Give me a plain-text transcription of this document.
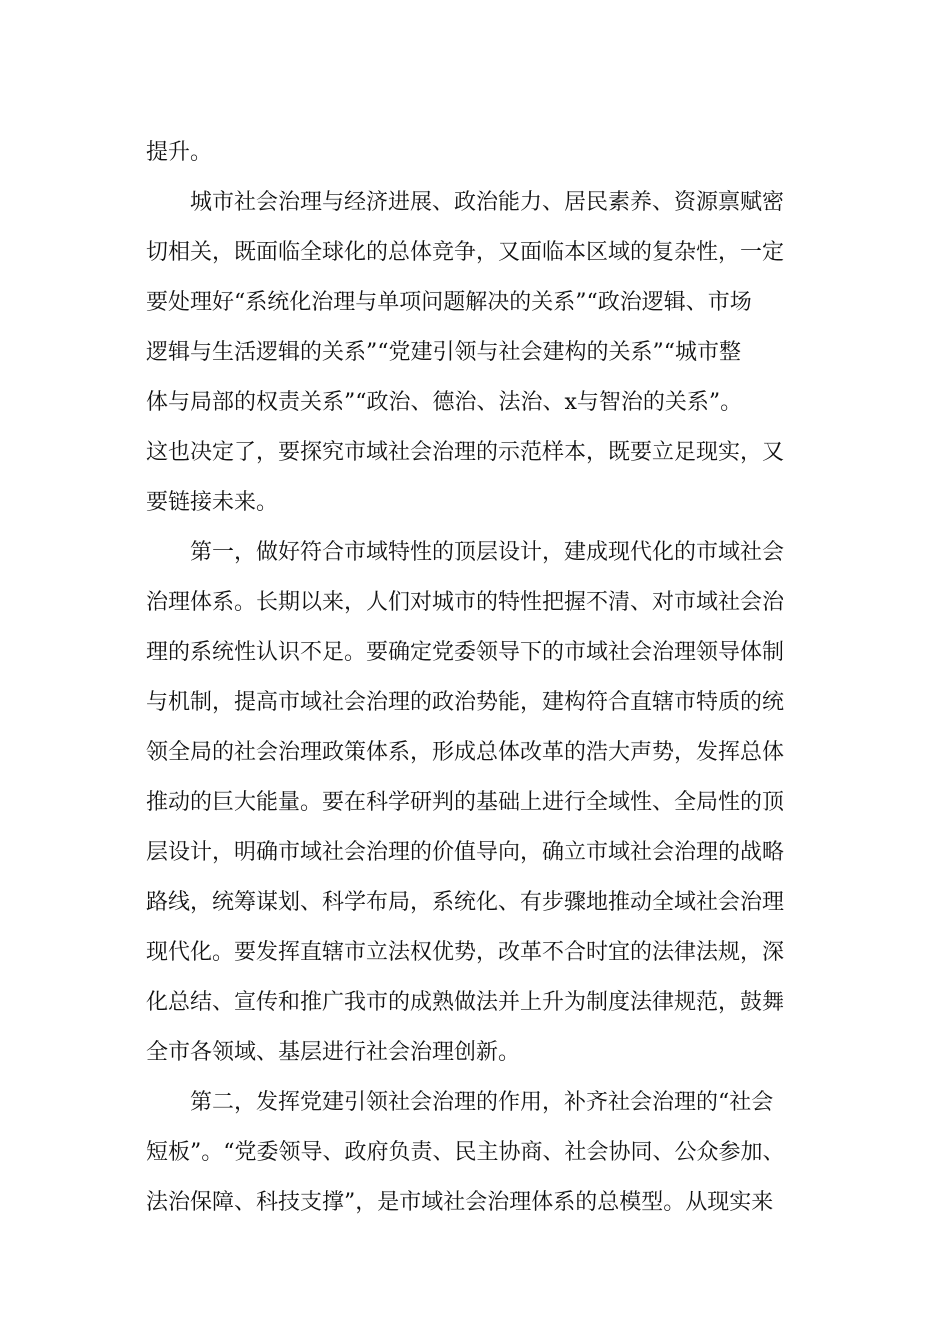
提升。
城市社会治理与经济进展、政治能力、居民素养、资源禀赋密
切相关，既面临全球化的总体竞争，又面临本区域的复杂性，一定
要处理好“系统化治理与单项问题解决的关系”“政治逻辑、市场
逻辑与生活逻辑的关系”“党建引领与社会建构的关系”“城市整
体与局部的权责关系”“政治、德治、法治、x与智治的关系”。
这也决定了，要探究市域社会治理的示范样本，既要立足现实，又
要链接未来。
第一，做好符合市域特性的顶层设计，建成现代化的市域社会
治理体系。长期以来，人们对城市的特性把握不清、对市域社会治
理的系统性认识不足。要确定党委领导下的市域社会治理领导体制
与机制，提高市域社会治理的政治势能，建构符合直辖市特质的统
领全局的社会治理政策体系，形成总体改革的浩大声势，发挥总体
推动的巨大能量。要在科学研判的基础上进行全域性、全局性的顶
层设计，明确市域社会治理的价值导向，确立市域社会治理的战略
路线，统筹谋划、科学布局，系统化、有步骤地推动全域社会治理
现代化。要发挥直辖市立法权优势，改革不合时宜的法律法规，深
化总结、宣传和推广我市的成熟做法并上升为制度法律规范，鼓舞
全市各领域、基层进行社会治理创新。
第二，发挥党建引领社会治理的作用，补齐社会治理的“社会
短板”。“党委领导、政府负责、民主协商、社会协同、公众参加、
法治保障、科技支撑”，是市域社会治理体系的总模型。从现实来
